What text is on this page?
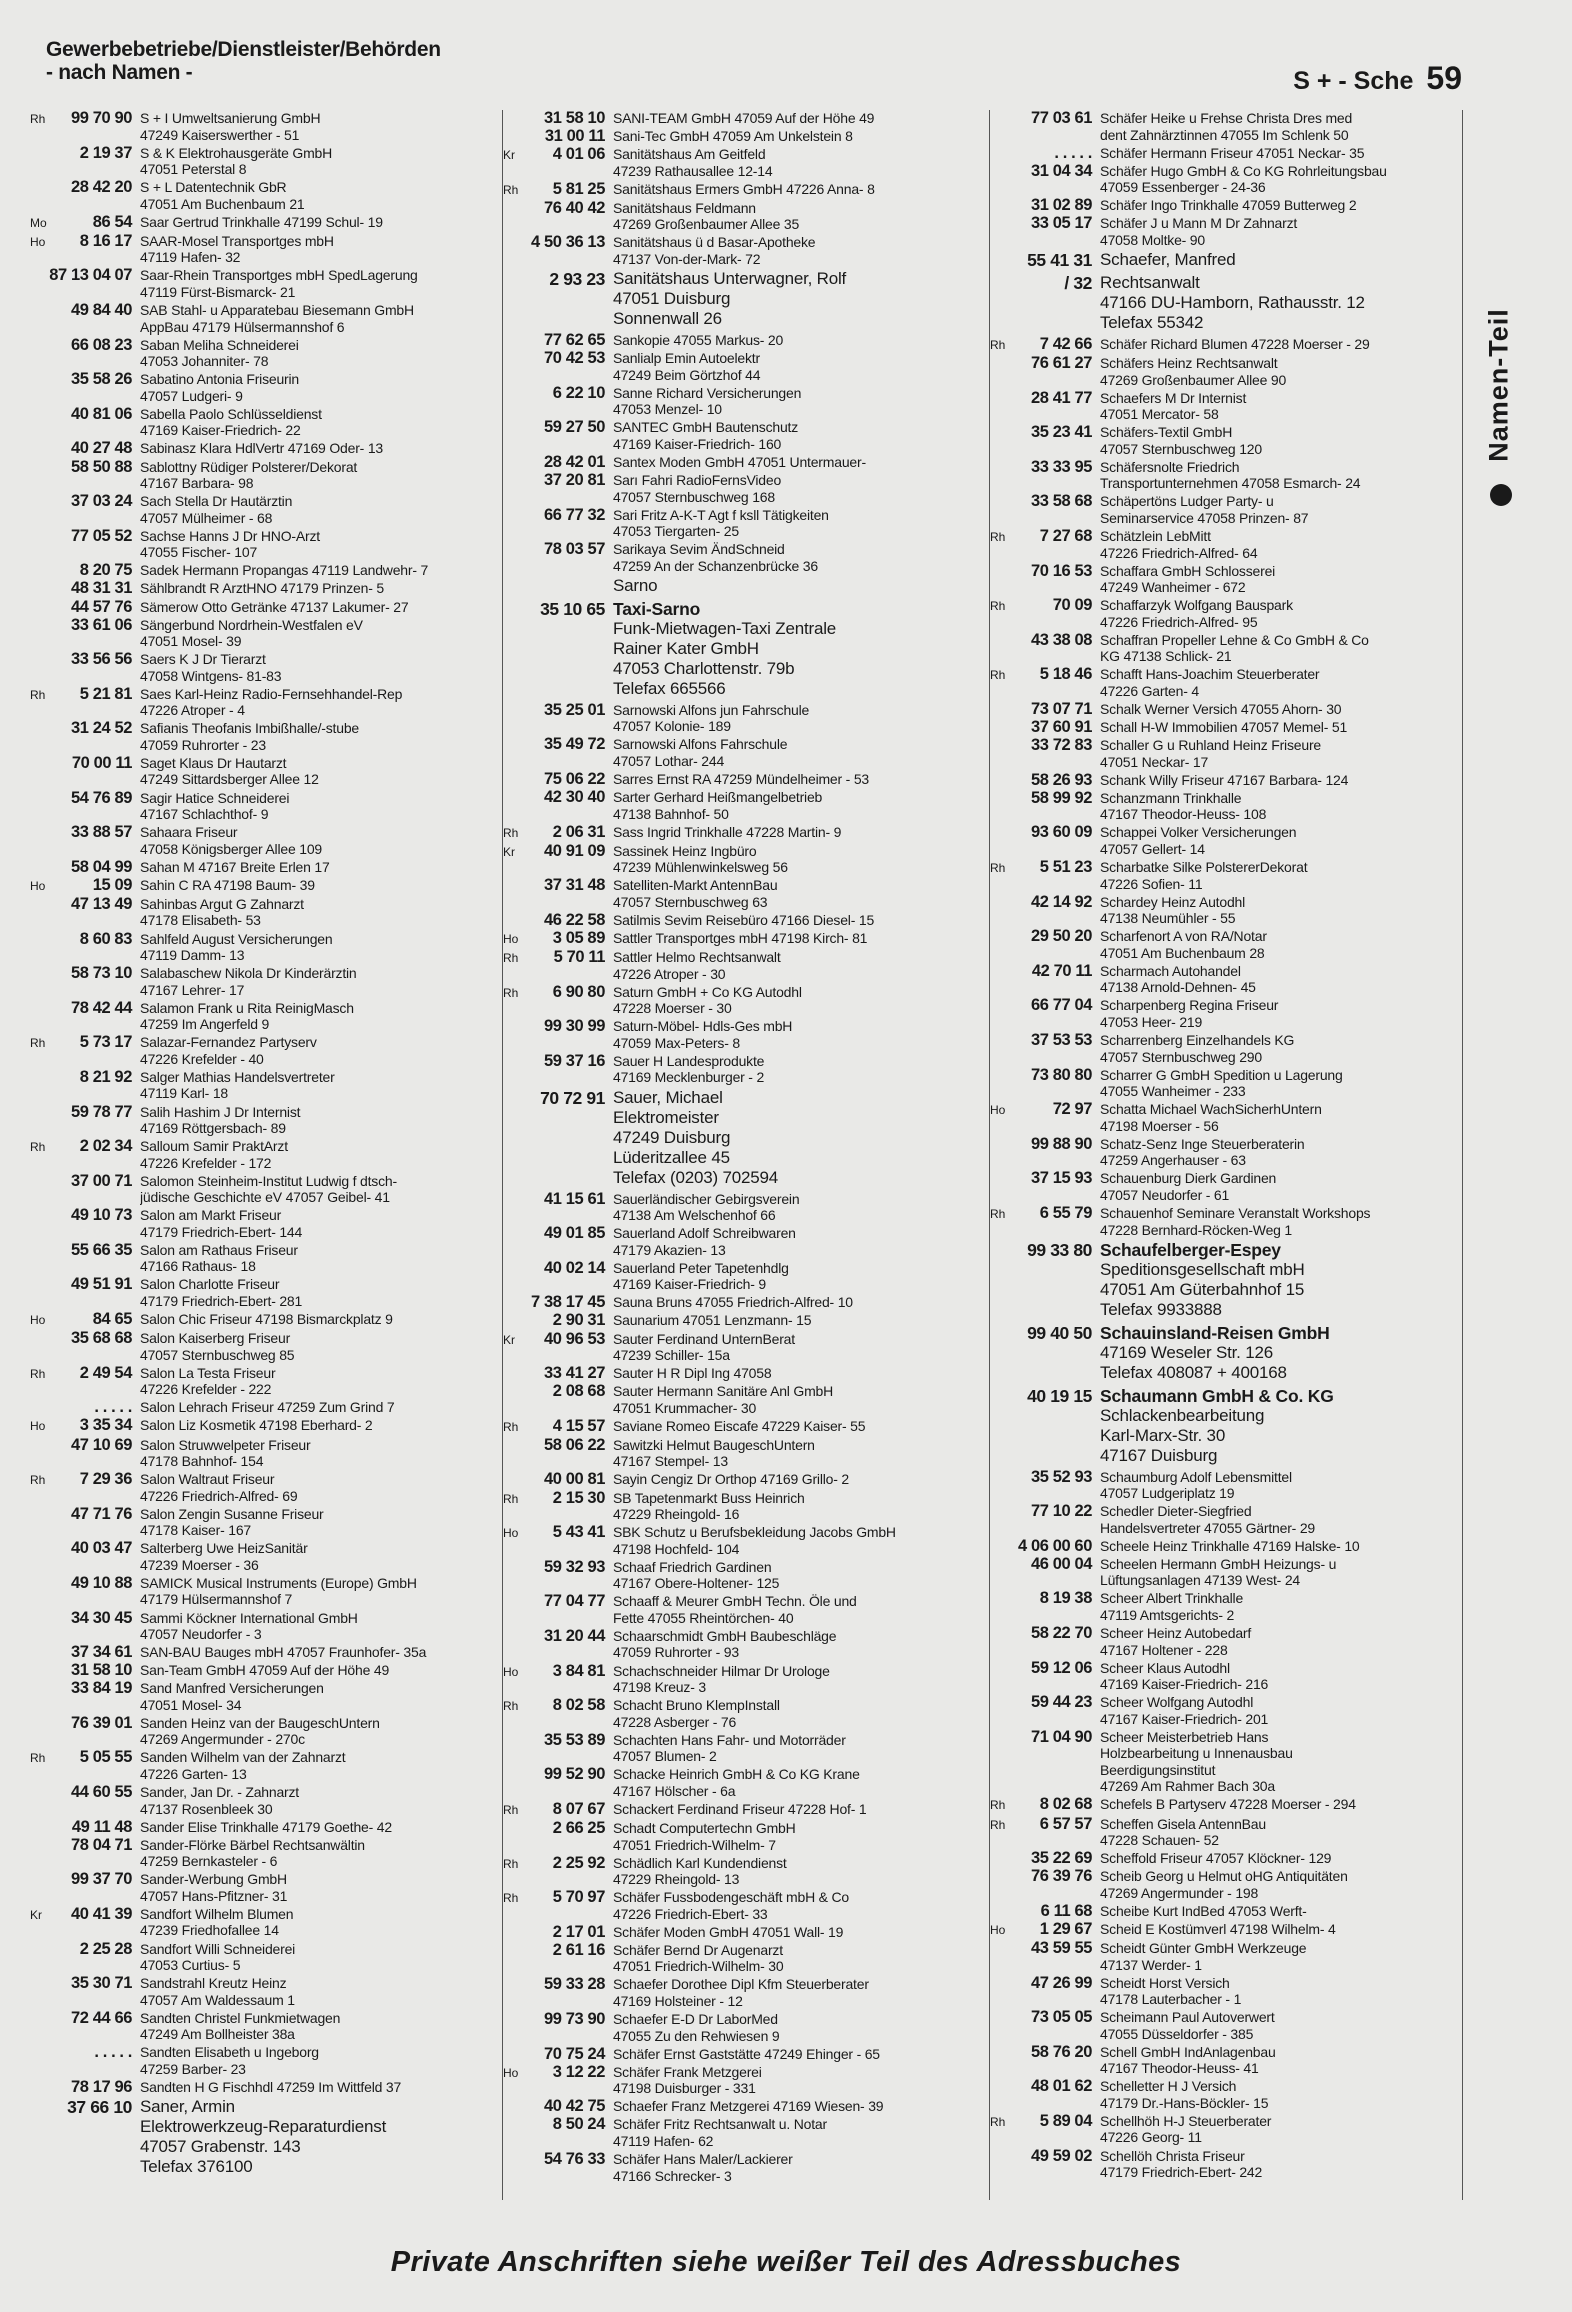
Gewerbebetriebe/Dienstleister/Behörden
- nach Namen -	S + - Sche 59
Namen-Teil
Rh	99 70 90 S + I Umweltsanierung GmbH
47249 Kaiserswerther - 51
2 19 37 S & K Elektrohausgeräte GmbH
47051 Peterstal 8
28 42 20 S + L Datentechnik GbR
47051 Am Buchenbaum 21
Mo	86 54 Saar Gertrud Trinkhalle 47199 Schul- 19
Ho	8 16 17 SAAR-Mosel Transportges mbH
47119 Hafen- 32
87 13 04 07 Saar-Rhein Transportges mbH SpedLagerung
47119 Fürst-Bismarck- 21
49 84 40 SAB Stahl- u Apparatebau Biesemann GmbH
AppBau 47179 Hülsermannshof 6
66 08 23 Saban Meliha Schneiderei
47053 Johanniter- 78
35 58 26 Sabatino Antonia Friseurin
47057 Ludgeri- 9
40 81 06 Sabella Paolo Schlüsseldienst
47169 Kaiser-Friedrich- 22
40 27 48 Sabinasz Klara HdlVertr 47169 Oder- 13
58 50 88 Sablottny Rüdiger Polsterer/Dekorat
47167 Barbara- 98
37 03 24 Sach Stella Dr Hautärztin
47057 Mülheimer - 68
77 05 52 Sachse Hanns J Dr HNO-Arzt
47055 Fischer- 107
8 20 75 Sadek Hermann Propangas 47119 Landwehr- 7
48 31 31 Sählbrandt R ArztHNO 47179 Prinzen- 5
44 57 76 Sämerow Otto Getränke 47137 Lakumer- 27
33 61 06 Sängerbund Nordrhein-Westfalen eV
47051 Mosel- 39
33 56 56 Saers K J Dr Tierarzt
47058 Wintgens- 81-83
Rh	5 21 81 Saes Karl-Heinz Radio-Fernsehhandel-Rep
47226 Atroper - 4
31 24 52 Safianis Theofanis Imbißhalle/-stube
47059 Ruhrorter - 23
70 00 11 Saget Klaus Dr Hautarzt
47249 Sittardsberger Allee 12
54 76 89 Sagir Hatice Schneiderei
47167 Schlachthof- 9
33 88 57 Sahaara Friseur
47058 Königsberger Allee 109
58 04 99 Sahan M 47167 Breite Erlen 17
Ho	15 09 Sahin C RA 47198 Baum- 39
47 13 49 Sahinbas Argut G Zahnarzt
47178 Elisabeth- 53
8 60 83 Sahlfeld August Versicherungen
47119 Damm- 13
58 73 10 Salabaschew Nikola Dr Kinderärztin
47167 Lehrer- 17
78 42 44 Salamon Frank u Rita ReinigMasch
47259 Im Angerfeld 9
Rh	5 73 17 Salazar-Fernandez Partyserv
47226 Krefelder - 40
8 21 92 Salger Mathias Handelsvertreter
47119 Karl- 18
59 78 77 Salih Hashim J Dr Internist
47169 Röttgersbach- 89
Rh	2 02 34 Salloum Samir PraktArzt
47226 Krefelder - 172
37 00 71 Salomon Steinheim-Institut Ludwig f dtsch-
jüdische Geschichte eV 47057 Geibel- 41
49 10 73 Salon am Markt Friseur
47179 Friedrich-Ebert- 144
55 66 35 Salon am Rathaus Friseur
47166 Rathaus- 18
49 51 91 Salon Charlotte Friseur
47179 Friedrich-Ebert- 281
Ho	84 65 Salon Chic Friseur 47198 Bismarckplatz 9
35 68 68 Salon Kaiserberg Friseur
47057 Sternbuschweg 85
Rh	2 49 54 Salon La Testa Friseur
47226 Krefelder - 222
. . . . . Salon Lehrach Friseur 47259 Zum Grind 7
Ho	3 35 34 Salon Liz Kosmetik 47198 Eberhard- 2
47 10 69 Salon Struwwelpeter Friseur
47178 Bahnhof- 154
Rh	7 29 36 Salon Waltraut Friseur
47226 Friedrich-Alfred- 69
47 71 76 Salon Zengin Susanne Friseur
47178 Kaiser- 167
40 03 47 Salterberg Uwe HeizSanitär
47239 Moerser - 36
49 10 88 SAMICK Musical Instruments (Europe) GmbH
47179 Hülsermannshof 7
34 30 45 Sammi Köckner International GmbH
47057 Neudorfer - 3
37 34 61 SAN-BAU Bauges mbH 47057 Fraunhofer- 35a
31 58 10 San-Team GmbH 47059 Auf der Höhe 49
33 84 19 Sand Manfred Versicherungen
47051 Mosel- 34
76 39 01 Sanden Heinz van der BaugeschUntern
47269 Angermunder - 270c
Rh	5 05 55 Sanden Wilhelm van der Zahnarzt
47226 Garten- 13
44 60 55 Sander, Jan Dr. - Zahnarzt
47137 Rosenbleek 30
49 11 48 Sander Elise Trinkhalle 47179 Goethe- 42
78 04 71 Sander-Flörke Bärbel Rechtsanwältin
47259 Bernkasteler - 6
99 37 70 Sander-Werbung GmbH
47057 Hans-Pfitzner- 31
Kr	40 41 39 Sandfort Wilhelm Blumen
47239 Friedhofallee 14
2 25 28 Sandfort Willi Schneiderei
47053 Curtius- 5
35 30 71 Sandstrahl Kreutz Heinz
47057 Am Waldessaum 1
72 44 66 Sandten Christel Funkmietwagen
47249 Am Bollheister 38a
. . . . . Sandten Elisabeth u Ingeborg
47259 Barber- 23
78 17 96 Sandten H G Fischhdl 47259 Im Wittfeld 37
37 66 10 Saner, Armin
Elektrowerkzeug-Reparaturdienst
47057 Grabenstr. 143
Telefax 376100
31 58 10 SANI-TEAM GmbH 47059 Auf der Höhe 49
31 00 11 Sani-Tec GmbH 47059 Am Unkelstein 8
Kr	4 01 06 Sanitätshaus Am Geitfeld
47239 Rathausallee 12-14
Rh	5 81 25 Sanitätshaus Ermers GmbH 47226 Anna- 8
76 40 42 Sanitätshaus Feldmann
47269 Großenbaumer Allee 35
4 50 36 13 Sanitätshaus ü d Basar-Apotheke
47137 Von-der-Mark- 72
2 93 23 Sanitätshaus Unterwagner, Rolf
47051 Duisburg
Sonnenwall 26
77 62 65 Sankopie 47055 Markus- 20
70 42 53 Sanlialp Emin Autoelektr
47249 Beim Görtzhof 44
6 22 10 Sanne Richard Versicherungen
47053 Menzel- 10
59 27 50 SANTEC GmbH Bautenschutz
47169 Kaiser-Friedrich- 160
28 42 01 Santex Moden GmbH 47051 Untermauer-
37 20 81 Sarı Fahri RadioFernsVideo
47057 Sternbuschweg 168
66 77 32 Sari Fritz A-K-T Agt f ksll Tätigkeiten
47053 Tiergarten- 25
78 03 57 Sarikaya Sevim ÄndSchneid
47259 An der Schanzenbrücke 36
Sarno
35 10 65 Taxi-Sarno
Funk-Mietwagen-Taxi Zentrale
Rainer Kater GmbH
47053 Charlottenstr. 79b
Telefax 665566
35 25 01 Sarnowski Alfons jun Fahrschule
47057 Kolonie- 189
35 49 72 Sarnowski Alfons Fahrschule
47057 Lothar- 244
75 06 22 Sarres Ernst RA 47259 Mündelheimer - 53
42 30 40 Sarter Gerhard Heißmangelbetrieb
47138 Bahnhof- 50
Rh	2 06 31 Sass Ingrid Trinkhalle 47228 Martin- 9
Kr	40 91 09 Sassinek Heinz Ingbüro
47239 Mühlenwinkelsweg 56
37 31 48 Satelliten-Markt AntennBau
47057 Sternbuschweg 63
46 22 58 Satilmis Sevim Reisebüro 47166 Diesel- 15
Ho	3 05 89 Sattler Transportges mbH 47198 Kirch- 81
Rh	5 70 11 Sattler Helmo Rechtsanwalt
47226 Atroper - 30
Rh	6 90 80 Saturn GmbH + Co KG Autodhl
47228 Moerser - 30
99 30 99 Saturn-Möbel- Hdls-Ges mbH
47059 Max-Peters- 8
59 37 16 Sauer H Landesprodukte
47169 Mecklenburger - 2
70 72 91 Sauer, Michael
Elektromeister
47249 Duisburg
Lüderitzallee 45
Telefax (0203) 702594
41 15 61 Sauerländischer Gebirgsverein
47138 Am Welschenhof 66
49 01 85 Sauerland Adolf Schreibwaren
47179 Akazien- 13
40 02 14 Sauerland Peter Tapetenhdlg
47169 Kaiser-Friedrich- 9
7 38 17 45 Sauna Bruns 47055 Friedrich-Alfred- 10
2 90 31 Saunarium 47051 Lenzmann- 15
Kr	40 96 53 Sauter Ferdinand UnternBerat
47239 Schiller- 15a
33 41 27 Sauter H R Dipl Ing 47058
2 08 68 Sauter Hermann Sanitäre Anl GmbH
47051 Krummacher- 30
Rh	4 15 57 Saviane Romeo Eiscafe 47229 Kaiser- 55
58 06 22 Sawitzki Helmut BaugeschUntern
47167 Stempel- 13
40 00 81 Sayin Cengiz Dr Orthop 47169 Grillo- 2
Rh	2 15 30 SB Tapetenmarkt Buss Heinrich
47229 Rheingold- 16
Ho	5 43 41 SBK Schutz u Berufsbekleidung Jacobs GmbH
47198 Hochfeld- 104
59 32 93 Schaaf Friedrich Gardinen
47167 Obere-Holtener- 125
77 04 77 Schaaff & Meurer GmbH Techn. Öle und
Fette 47055 Rheintörchen- 40
31 20 44 Schaarschmidt GmbH Baubeschläge
47059 Ruhrorter - 93
Ho	3 84 81 Schachschneider Hilmar Dr Urologe
47198 Kreuz- 3
Rh	8 02 58 Schacht Bruno KlempInstall
47228 Asberger - 76
35 53 89 Schachten Hans Fahr- und Motorräder
47057 Blumen- 2
99 52 90 Schacke Heinrich GmbH & Co KG Krane
47167 Hölscher - 6a
Rh	8 07 67 Schackert Ferdinand Friseur 47228 Hof- 1
2 66 25 Schadt Computertechn GmbH
47051 Friedrich-Wilhelm- 7
Rh	2 25 92 Schädlich Karl Kundendienst
47229 Rheingold- 13
Rh	5 70 97 Schäfer Fussbodengeschäft mbH & Co
47226 Friedrich-Ebert- 33
2 17 01 Schäfer Moden GmbH 47051 Wall- 19
2 61 16 Schäfer Bernd Dr Augenarzt
47051 Friedrich-Wilhelm- 30
59 33 28 Schaefer Dorothee Dipl Kfm Steuerberater
47169 Holsteiner - 12
99 73 90 Schaefer E-D Dr LaborMed
47055 Zu den Rehwiesen 9
70 75 24 Schäfer Ernst Gaststätte 47249 Ehinger - 65
Ho	3 12 22 Schäfer Frank Metzgerei
47198 Duisburger - 331
40 42 75 Schaefer Franz Metzgerei 47169 Wiesen- 39
8 50 24 Schäfer Fritz Rechtsanwalt u. Notar
47119 Hafen- 62
54 76 33 Schäfer Hans Maler/Lackierer
47166 Schrecker- 3
77 03 61 Schäfer Heike u Frehse Christa Dres med
dent Zahnärztinnen 47055 Im Schlenk 50
. . . . . Schäfer Hermann Friseur 47051 Neckar- 35
31 04 34 Schäfer Hugo GmbH & Co KG Rohrleitungsbau
47059 Essenberger - 24-36
31 02 89 Schäfer Ingo Trinkhalle 47059 Butterweg 2
33 05 17 Schäfer J u Mann M Dr Zahnarzt
47058 Moltke- 90
55 41 31 Schaefer, Manfred
/ 32 Rechtsanwalt
47166 DU-Hamborn, Rathausstr. 12
Telefax 55342
Rh	7 42 66 Schäfer Richard Blumen 47228 Moerser - 29
76 61 27 Schäfers Heinz Rechtsanwalt
47269 Großenbaumer Allee 90
28 41 77 Schaefers M Dr Internist
47051 Mercator- 58
35 23 41 Schäfers-Textil GmbH
47057 Sternbuschweg 120
33 33 95 Schäfersnolte Friedrich
Transportunternehmen 47058 Esmarch- 24
33 58 68 Schäpertöns Ludger Party- u
Seminarservice 47058 Prinzen- 87
Rh	7 27 68 Schätzlein LebMitt
47226 Friedrich-Alfred- 64
70 16 53 Schaffara GmbH Schlosserei
47249 Wanheimer - 672
Rh	70 09 Schaffarzyk Wolfgang Bauspark
47226 Friedrich-Alfred- 95
43 38 08 Schaffran Propeller Lehne & Co GmbH & Co
KG 47138 Schlick- 21
Rh	5 18 46 Schafft Hans-Joachim Steuerberater
47226 Garten- 4
73 07 71 Schalk Werner Versich 47055 Ahorn- 30
37 60 91 Schall H-W Immobilien 47057 Memel- 51
33 72 83 Schaller G u Ruhland Heinz Friseure
47051 Neckar- 17
58 26 93 Schank Willy Friseur 47167 Barbara- 124
58 99 92 Schanzmann Trinkhalle
47167 Theodor-Heuss- 108
93 60 09 Schappei Volker Versicherungen
47057 Gellert- 14
Rh	5 51 23 Scharbatke Silke PolstererDekorat
47226 Sofien- 11
42 14 92 Schardey Heinz Autodhl
47138 Neumühler - 55
29 50 20 Scharfenort A von RA/Notar
47051 Am Buchenbaum 28
42 70 11 Scharmach Autohandel
47138 Arnold-Dehnen- 45
66 77 04 Scharpenberg Regina Friseur
47053 Heer- 219
37 53 53 Scharrenberg Einzelhandels KG
47057 Sternbuschweg 290
73 80 80 Scharrer G GmbH Spedition u Lagerung
47055 Wanheimer - 233
Ho	72 97 Schatta Michael WachSicherhUntern
47198 Moerser - 56
99 88 90 Schatz-Senz Inge Steuerberaterin
47259 Angerhauser - 63
37 15 93 Schauenburg Dierk Gardinen
47057 Neudorfer - 61
Rh	6 55 79 Schauenhof Seminare Veranstalt Workshops
47228 Bernhard-Röcken-Weg 1
99 33 80 Schaufelberger-Espey
Speditionsgesellschaft mbH
47051 Am Güterbahnhof 15
Telefax 9933888
99 40 50 Schauinsland-Reisen GmbH
47169 Weseler Str. 126
Telefax 408087 + 400168
40 19 15 Schaumann GmbH & Co. KG
Schlackenbearbeitung
Karl-Marx-Str. 30
47167 Duisburg
35 52 93 Schaumburg Adolf Lebensmittel
47057 Ludgeriplatz 19
77 10 22 Schedler Dieter-Siegfried
Handelsvertreter 47055 Gärtner- 29
4 06 00 60 Scheele Heinz Trinkhalle 47169 Halske- 10
46 00 04 Scheelen Hermann GmbH Heizungs- u
Lüftungsanlagen 47139 West- 24
8 19 38 Scheer Albert Trinkhalle
47119 Amtsgerichts- 2
58 22 70 Scheer Heinz Autobedarf
47167 Holtener - 228
59 12 06 Scheer Klaus Autodhl
47169 Kaiser-Friedrich- 216
59 44 23 Scheer Wolfgang Autodhl
47167 Kaiser-Friedrich- 201
71 04 90 Scheer Meisterbetrieb Hans
Holzbearbeitung u Innenausbau
Beerdigungsinstitut
47269 Am Rahmer Bach 30a
Rh	8 02 68 Schefels B Partyserv 47228 Moerser - 294
Rh	6 57 57 Scheffen Gisela AntennBau
47228 Schauen- 52
35 22 69 Scheffold Friseur 47057 Klöckner- 129
76 39 76 Scheib Georg u Helmut oHG Antiquitäten
47269 Angermunder - 198
6 11 68 Scheibe Kurt IndBed 47053 Werft-
Ho	1 29 67 Scheid E Kostümverl 47198 Wilhelm- 4
43 59 55 Scheidt Günter GmbH Werkzeuge
47137 Werder- 1
47 26 99 Scheidt Horst Versich
47178 Lauterbacher - 1
73 05 05 Scheimann Paul Autoverwert
47055 Düsseldorfer - 385
58 76 20 Schell GmbH IndAnlagenbau
47167 Theodor-Heuss- 41
48 01 62 Schelletter H J Versich
47179 Dr.-Hans-Böckler- 15
Rh	5 89 04 Schellhöh H-J Steuerberater
47226 Georg- 11
49 59 02 Schellöh Christa Friseur
47179 Friedrich-Ebert- 242
Private Anschriften siehe weißer Teil des Adressbuches
